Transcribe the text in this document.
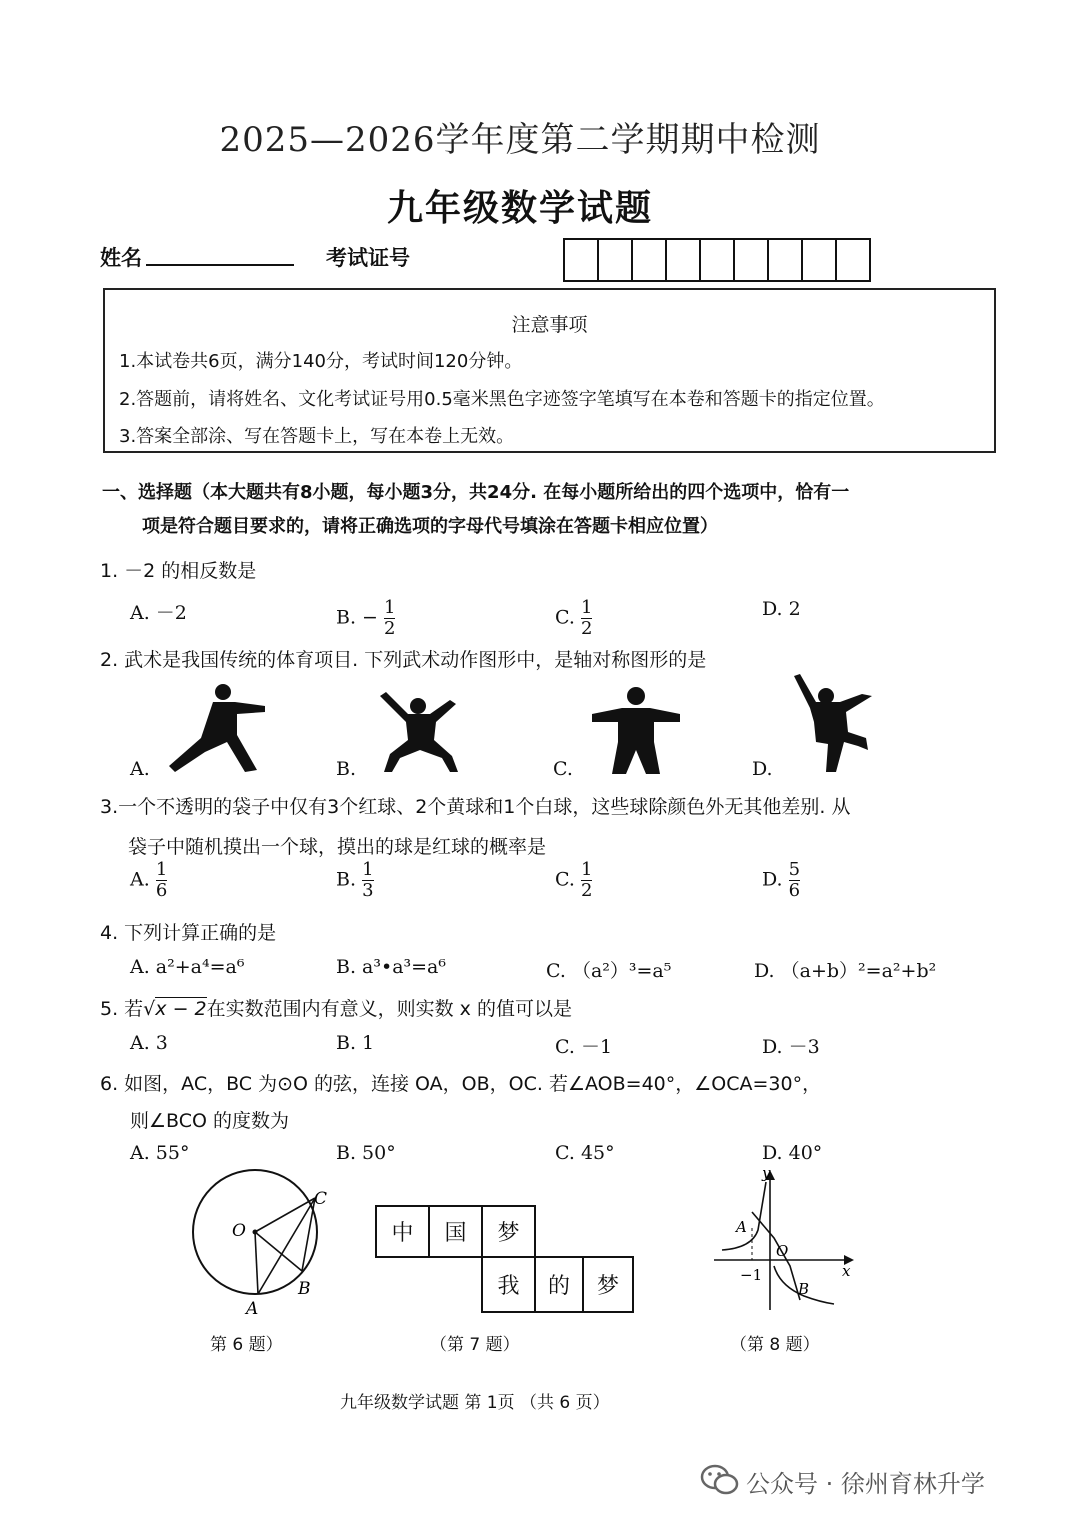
2025—2026学年度第二学期期中检测
九年级数学试题
姓名	考试证号
注意事项
1.本试卷共6页，满分140分，考试时间120分钟。
2.答题前，请将姓名、文化考试证号用0.5毫米黑色字迹签字笔填写在本卷和答题卡的指定位置。
3.答案全部涂、写在答题卡上，写在本卷上无效。
一、选择题（本大题共有8小题，每小题3分，共24分. 在每小题所给出的四个选项中，恰有一
项是符合题目要求的，请将正确选项的字母代号填涂在答题卡相应位置）
1. －2 的相反数是
A. －2	B. − $\frac{1}{2}$	C. $\frac{1}{2}$	D. 2
2. 武术是我国传统的体育项目. 下列武术动作图形中，是轴对称图形的是
A.	B.	C.	D.
3.一个不透明的袋子中仅有3个红球、2个黄球和1个白球，这些球除颜色外无其他差别. 从
袋子中随机摸出一个球，摸出的球是红球的概率是
A. $\frac{1}{6}$	B. $\frac{1}{3}$	C. $\frac{1}{2}$	D. $\frac{5}{6}$
4. 下列计算正确的是
A. a²+a⁴=a⁶	B. a³•a³=a⁶	C. （a²）³=a⁵	D. （a+b）²=a²+b²
5. 若√x − 2在实数范围内有意义，则实数 x 的值可以是
A. 3	B. 1	C. －1	D. －3
6. 如图，AC，BC 为⊙O 的弦，连接 OA，OB，OC. 若∠AOB=40°，∠OCA=30°，
则∠BCO 的度数为
A. 55°	B. 50°	C. 45°	D. 40°
O
A
B
C
第 6 题）
中	国	梦
我	的	梦
（第 7 题）
y
x
O
A
B
−1
（第 8 题）
九年级数学试题 第 1页 （共 6 页）
公众号 · 徐州育林升学
